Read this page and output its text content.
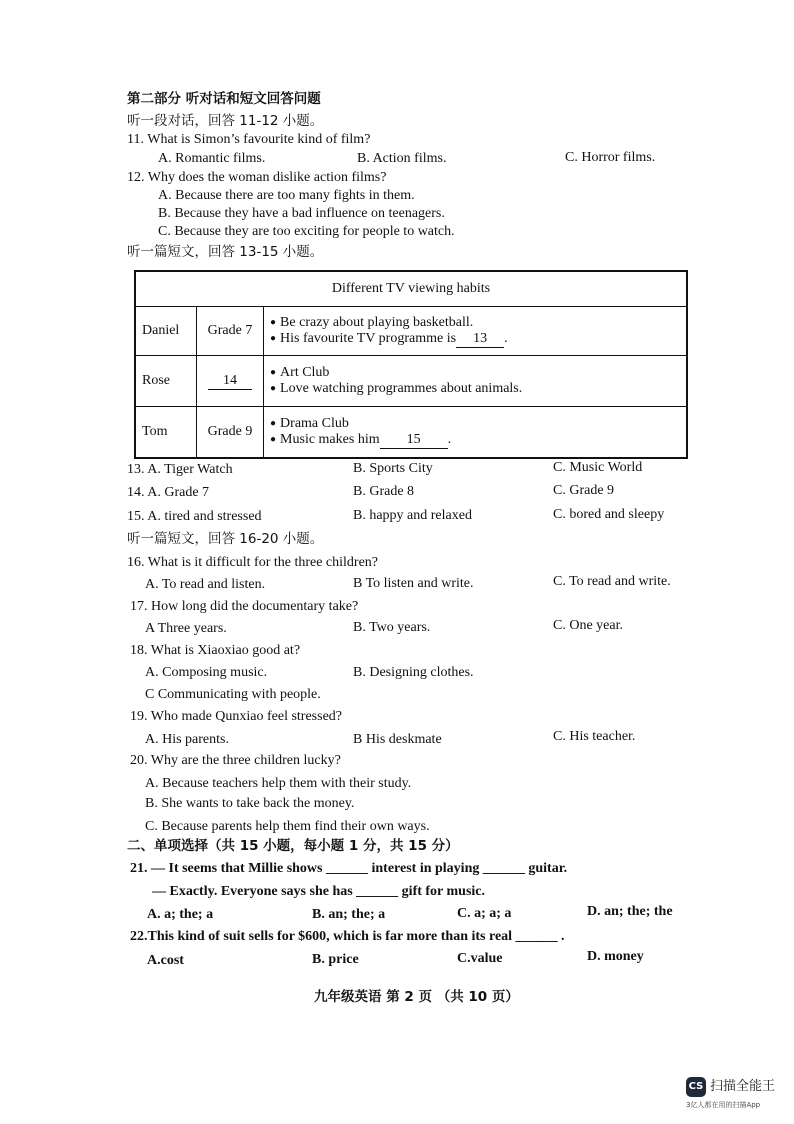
第二部分 听对话和短文回答问题
听一段对话，回答 11-12 小题。
11. What is Simon’s favourite kind of film?
A. Romantic films.	B. Action films.	C. Horror films.
12. Why does the woman dislike action films?
A. Because there are too many fights in them.
B. Because they have a bad influence on teenagers.
C. Because they are too exciting for people to watch.
听一篇短文，回答 13-15 小题。
Different TV viewing habits		
Daniel	Grade 7	● Be crazy about playing basketball.
● His favourite TV programme is 13 .

Rose	14	● Art Club
● Love watching programmes about animals.

Tom	Grade 9	● Drama Club
● Music makes him 15 .
13. A. Tiger Watch	B. Sports City	C. Music World
14. A. Grade 7	B. Grade 8	C. Grade 9
15. A. tired and stressed	B. happy and relaxed	C. bored and sleepy
听一篇短文，回答 16-20 小题。
16. What is it difficult for the three children?
A. To read and listen.	B To listen and write.	C. To read and write.
17. How long did the documentary take?
A Three years.	B. Two years.	C. One year.
18. What is Xiaoxiao good at?
A. Composing music.	B. Designing clothes.
C Communicating with people.
19. Who made Qunxiao feel stressed?
A. His parents.	B His deskmate	C. His teacher.
20. Why are the three children lucky?
A. Because teachers help them with their study.
B. She wants to take back the money.
C. Because parents help them find their own ways.
二、单项选择（共 15 小题，每小题 1 分，共 15 分）
21. — It seems that Millie shows ______ interest in playing ______ guitar.
— Exactly. Everyone says she has ______ gift for music.
A. a; the; a	B. an; the; a	C. a; a; a	D. an; the; the
22.This kind of suit sells for $600, which is far more than its real ______ .
A.cost	B. price	C.value	D. money
九年级英语 第 2 页 （共 10 页）
CS 扫描全能王
3亿人都在用的扫描App
